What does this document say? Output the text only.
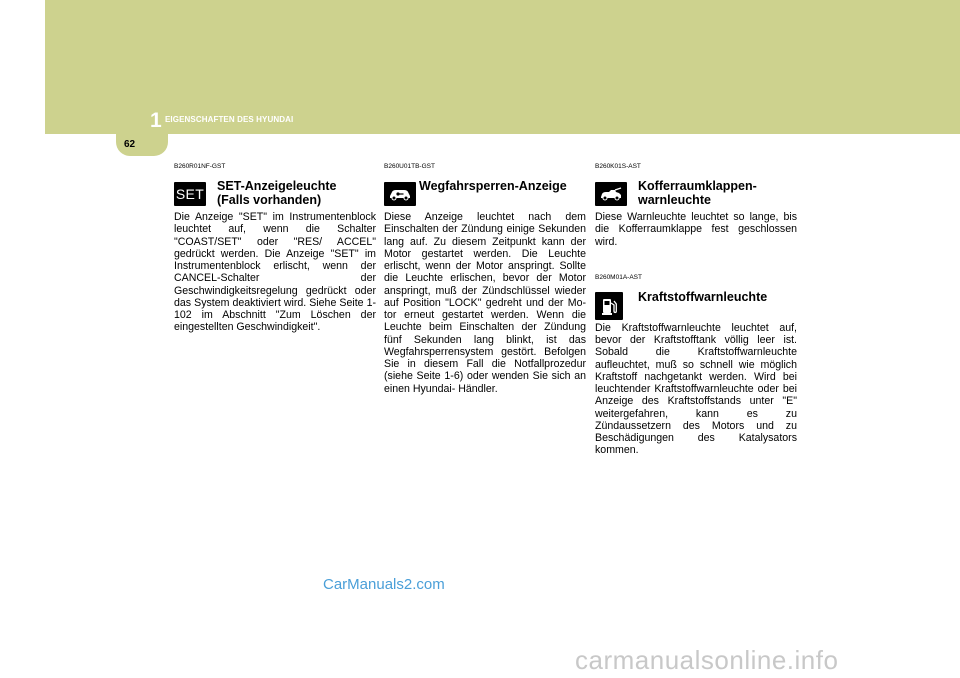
1 EIGENSCHAFTEN DES HYUNDAI
62
B260R01NF-GST
SET SET-Anzeigeleuchte
(Falls vorhanden)

Die Anzeige "SET" im Instrumentenblock leuchtet auf, wenn die Schalter "COAST/SET" oder "RES/ ACCEL" gedrückt werden. Die Anzeige "SET" im Instrumentenblock erlischt, wenn der CANCEL-Schalter der Geschwindigkeitsregelung gedrückt oder das System deaktiviert wird. Siehe Seite 1-102 im Abschnitt "Zum Löschen der eingestellten Geschwindigkeit".

B260U01TB-GST
Wegfahrsperren-Anzeige

Diese Anzeige leuchtet nach dem Einschalten der Zündung einige Sekunden lang auf. Zu diesem Zeitpunkt kann der Motor gestartet werden. Die Leuchte erlischt, wenn der Motor anspringt. Sollte die Leuchte erlischen, bevor der Motor anspringt, muß der Zündschlüssel wieder auf Position "LOCK" gedreht und der Mo- tor erneut gestartet werden. Wenn die Leuchte beim Einschalten der Zündung fünf Sekunden lang blinkt, ist das Wegfahrsperrensystem gestört. Befolgen Sie in diesem Fall die Notfallprozedur (siehe Seite 1-6) oder wenden Sie sich an einen Hyundai- Händler.

B260K01S-AST
Kofferraumklappen-
warnleuchte

Diese Warnleuchte leuchtet so lange, bis die Kofferraumklappe fest geschlossen wird.

B260M01A-AST
Kraftstoffwarnleuchte

Die Kraftstoffwarnleuchte leuchtet auf, bevor der Kraftstofftank völlig leer ist. Sobald die Kraftstoffwarnleuchte aufleuchtet, muß so schnell wie möglich Kraftstoff nachgetankt werden. Wird bei leuchtender Kraftstoffwarnleuchte oder bei Anzeige des Kraftstoffstands unter "E" weitergefahren, kann es zu Zündaussetzern des Motors und zu Beschädigungen des Katalysators kommen.

CarManuals2.com
carmanualsonline.info
